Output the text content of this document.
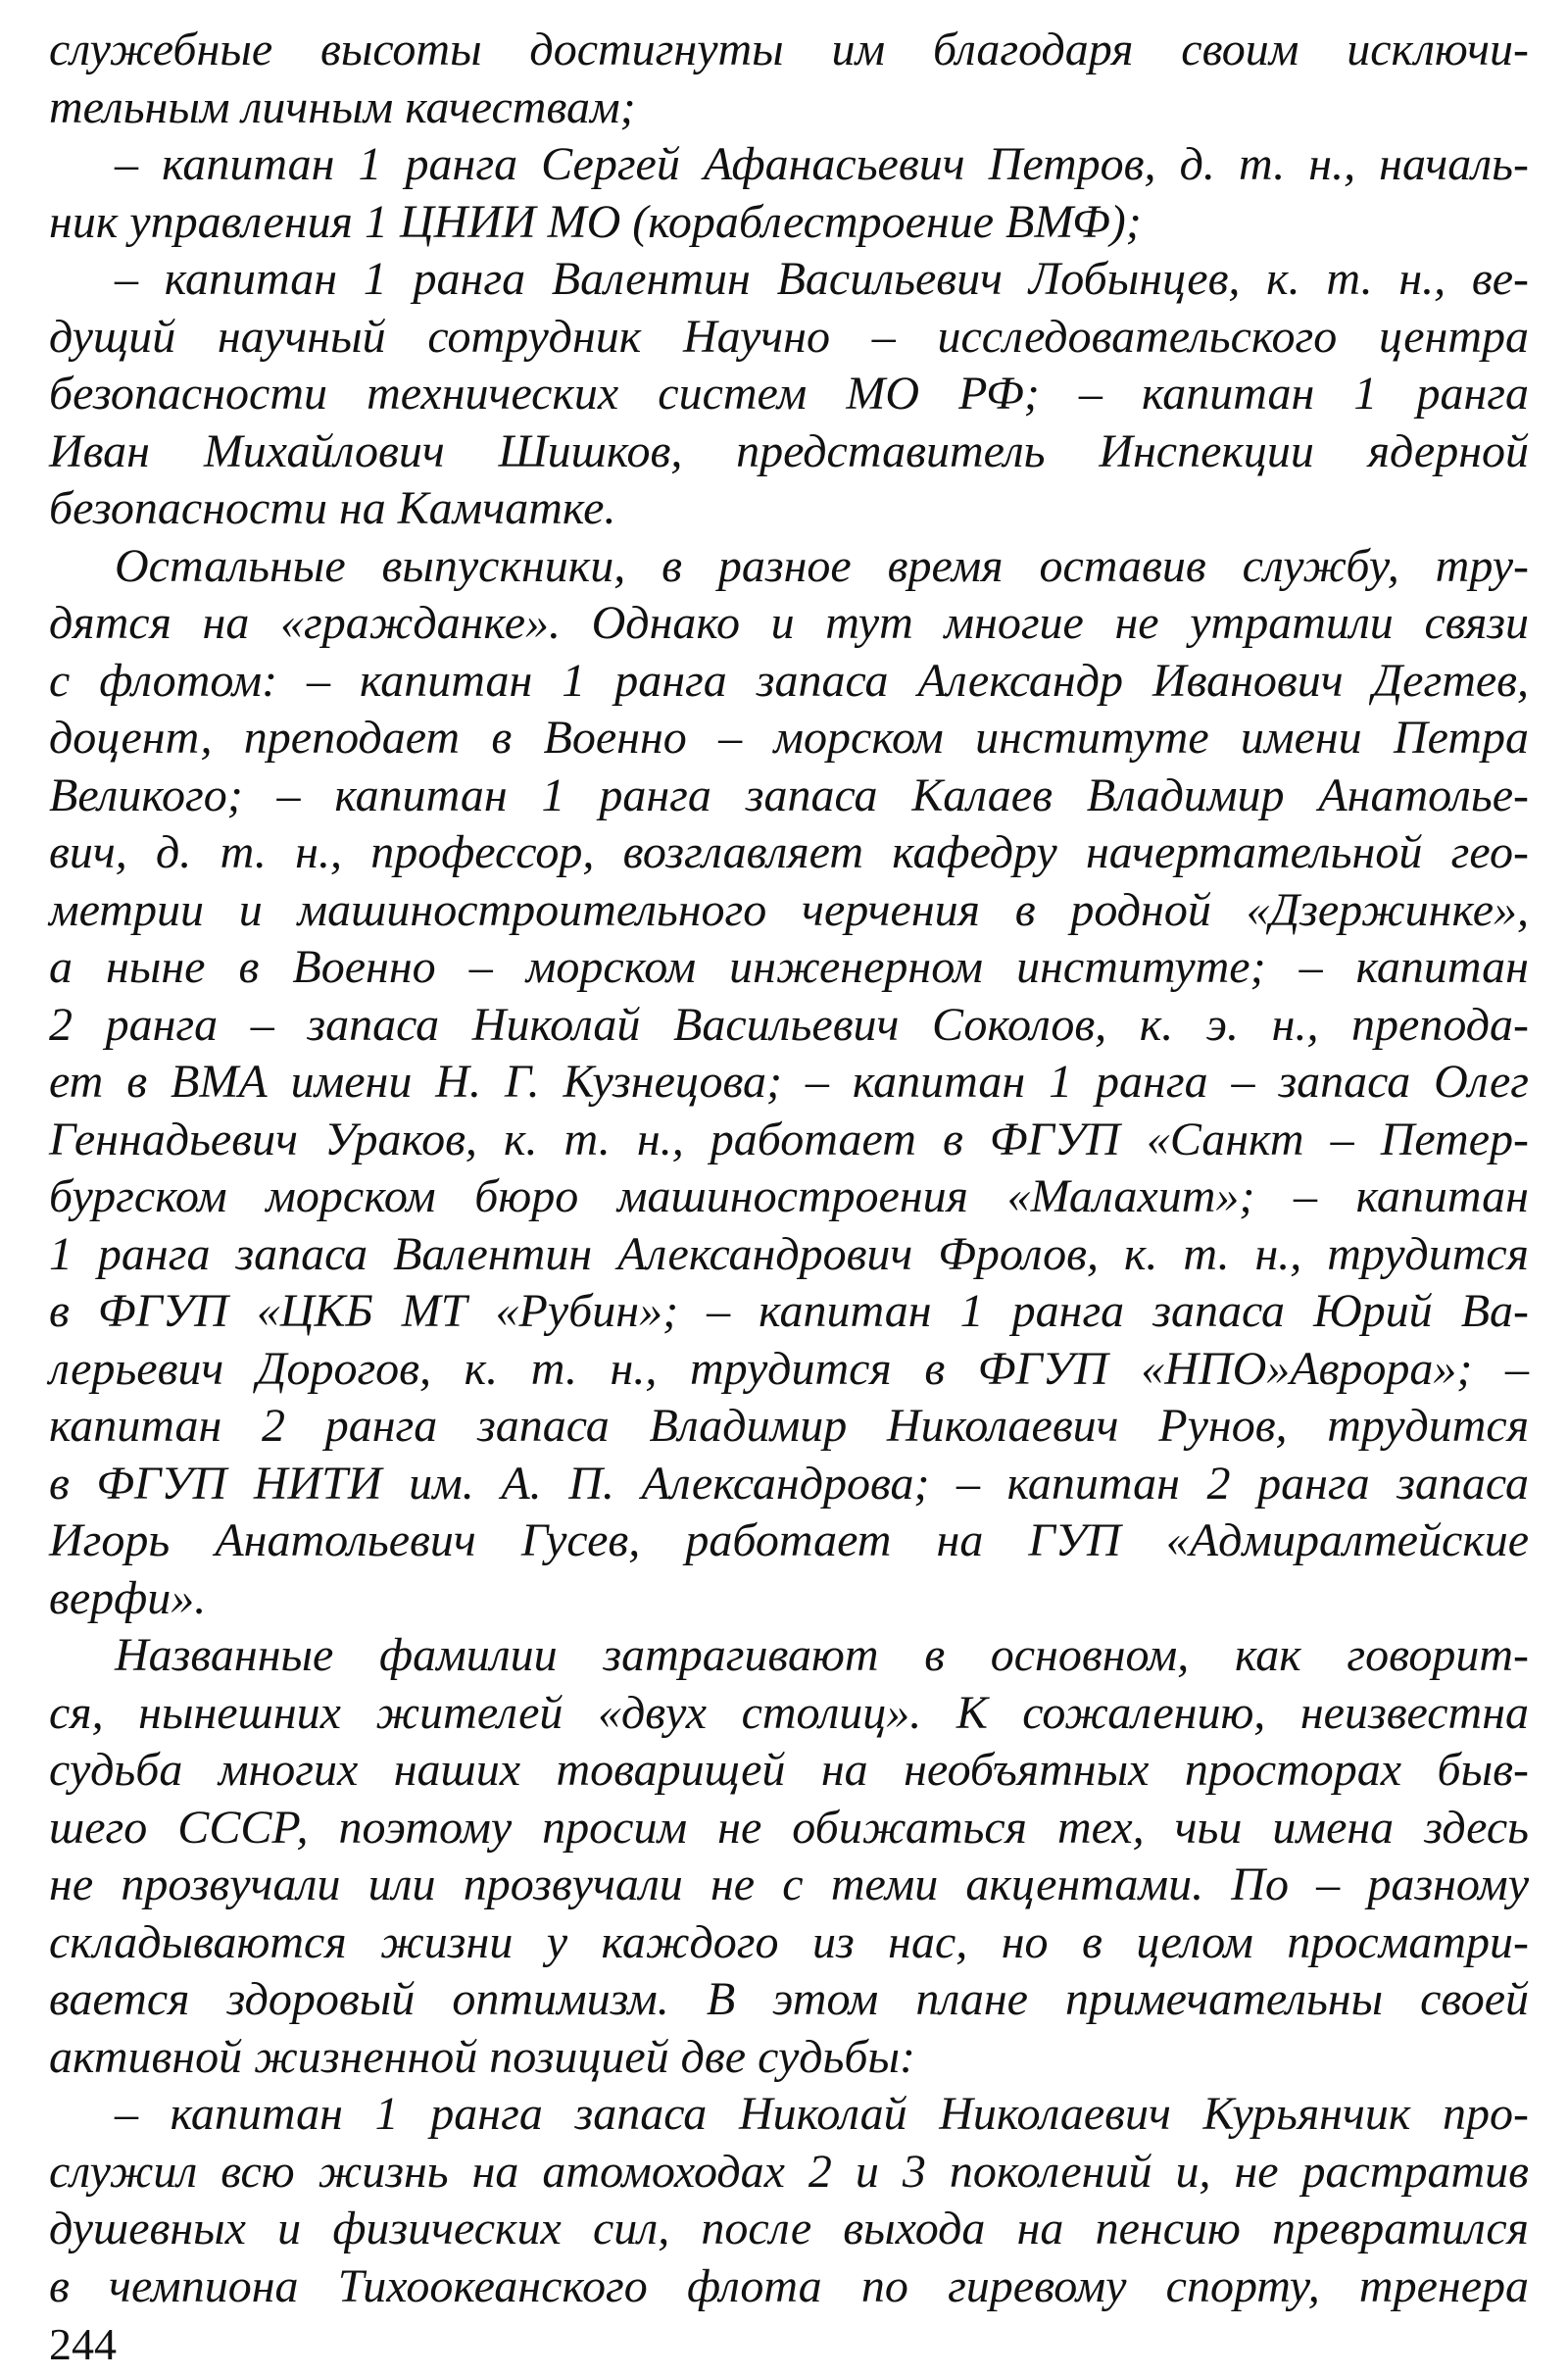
служебные высоты достигнуты им благодаря своим исключи-
тельным личным качествам;
– капитан 1 ранга Сергей Афанасьевич Петров, д. т. н., началь-
ник управления 1 ЦНИИ МО (кораблестроение ВМФ);
– капитан 1 ранга Валентин Васильевич Лобынцев, к. т. н., ве-
дущий научный сотрудник Научно – исследовательского центра
безопасности технических систем МО РФ; – капитан 1 ранга
Иван Михайлович Шишков, представитель Инспекции ядерной
безопасности на Камчатке.
Остальные выпускники, в разное время оставив службу, тру-
дятся на «гражданке». Однако и тут многие не утратили связи
с флотом: – капитан 1 ранга запаса Александр Иванович Дегтев,
доцент, преподает в Военно – морском институте имени Петра
Великого; – капитан 1 ранга запаса Калаев Владимир Анатолье-
вич, д. т. н., профессор, возглавляет кафедру начертательной гео-
метрии и машиностроительного черчения в родной «Дзержинке»,
а ныне в Военно – морском инженерном институте; – капитан
2 ранга – запаса Николай Васильевич Соколов, к. э. н., препода-
ет в ВМА имени Н. Г. Кузнецова; – капитан 1 ранга – запаса Олег
Геннадьевич Ураков, к. т. н., работает в ФГУП «Санкт – Петер-
бургском морском бюро машиностроения «Малахит»; – капитан
1 ранга запаса Валентин Александрович Фролов, к. т. н., трудится
в ФГУП «ЦКБ МТ «Рубин»; – капитан 1 ранга запаса Юрий Ва-
лерьевич Дорогов, к. т. н., трудится в ФГУП «НПО»Аврора»; –
капитан 2 ранга запаса Владимир Николаевич Рунов, трудится
в ФГУП НИТИ им. А. П. Александрова; – капитан 2 ранга запаса
Игорь Анатольевич Гусев, работает на ГУП «Адмиралтейские
верфи».
Названные фамилии затрагивают в основном, как говорит-
ся, нынешних жителей «двух столиц». К сожалению, неизвестна
судьба многих наших товарищей на необъятных просторах быв-
шего СССР, поэтому просим не обижаться тех, чьи имена здесь
не прозвучали или прозвучали не с теми акцентами. По – разному
складываются жизни у каждого из нас, но в целом просматри-
вается здоровый оптимизм. В этом плане примечательны своей
активной жизненной позицией две судьбы:
– капитан 1 ранга запаса Николай Николаевич Курьянчик про-
служил всю жизнь на атомоходах 2 и 3 поколений и, не растратив
душевных и физических сил, после выхода на пенсию превратился
в чемпиона Тихоокеанского флота по гиревому спорту, тренера
244
